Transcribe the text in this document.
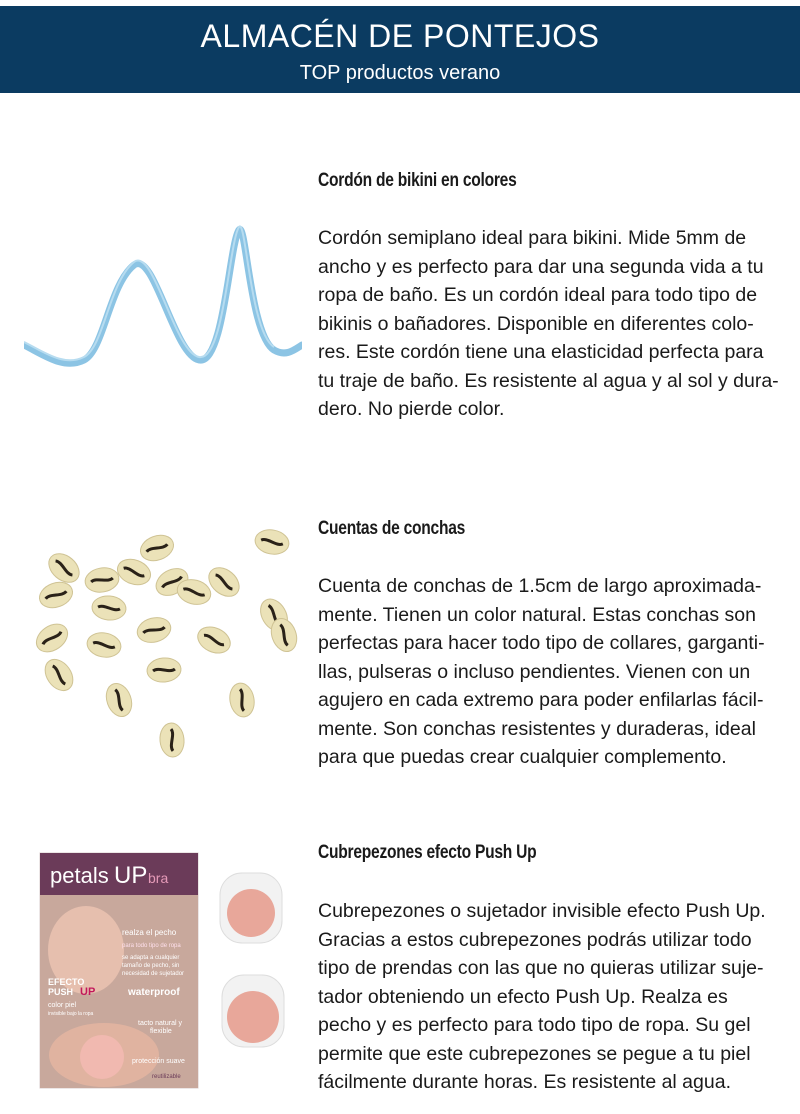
ALMACÉN DE PONTEJOS
TOP productos verano
Cordón de bikini en colores
Cordón semiplano ideal para bikini. Mide 5mm de
ancho y es perfecto para dar una segunda vida a tu
ropa de baño. Es un cordón ideal para todo tipo de
bikinis o bañadores. Disponible en diferentes colo-
res. Este cordón tiene una elasticidad perfecta para
tu traje de baño. Es resistente al agua y al sol y dura-
dero. No pierde color.
Cuentas de conchas
Cuenta de conchas de 1.5cm de largo aproximada-
mente. Tienen un color natural. Estas conchas son
perfectas para hacer todo tipo de collares, garganti-
llas, pulseras o incluso pendientes. Vienen con un
agujero en cada extremo para poder enfilarlas fácil-
mente. Son conchas resistentes y duraderas, ideal
para que puedas crear cualquier complemento.
petals UP bra
realza el pecho
para todo tipo de ropa
se adapta a cualquier
tamaño de pecho, sin
necesidad de sujetador
EFECTO
PUSH UP	waterproof
color piel
invisible bajo la ropa
tacto natural y
flexible
protección suave
reutilizable
Cubrepezones efecto Push Up
Cubrepezones o sujetador invisible efecto Push Up.
Gracias a estos cubrepezones podrás utilizar todo
tipo de prendas con las que no quieras utilizar suje-
tador obteniendo un efecto Push Up. Realza es
pecho y es perfecto para todo tipo de ropa. Su gel
permite que este cubrepezones se pegue a tu piel
fácilmente durante horas. Es resistente al agua.
